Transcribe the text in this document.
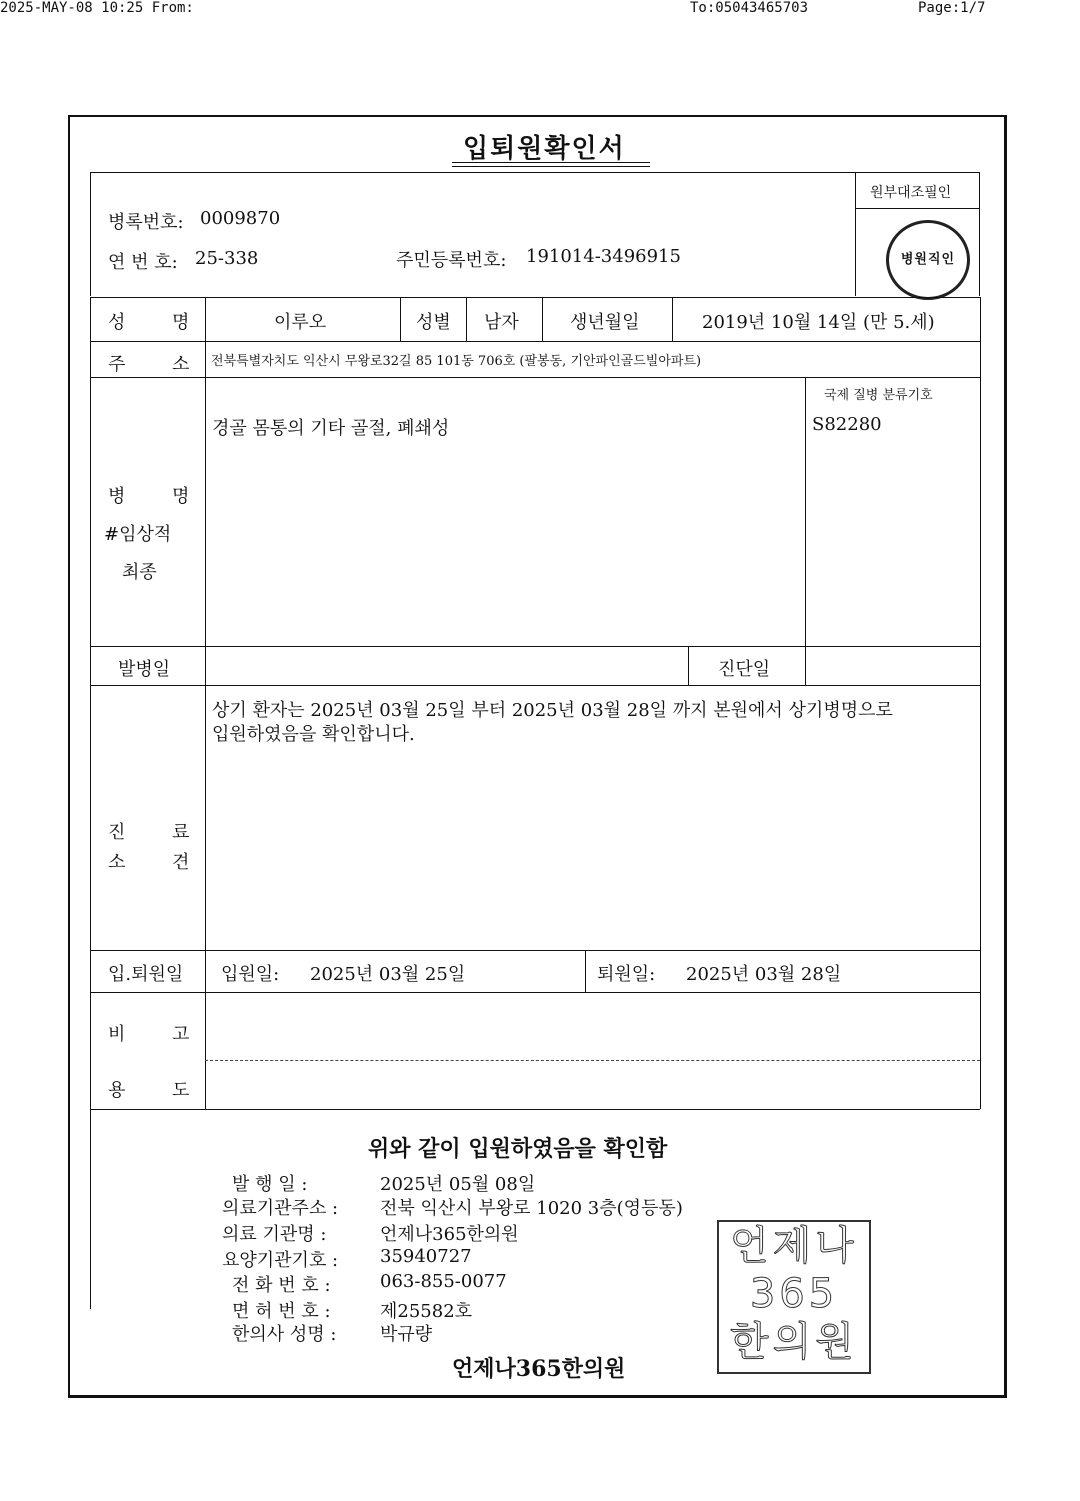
2025-MAY-08 10:25 From:	To:05043465703	Page:1/7
입퇴원확인서
원부대조필인
병원직인
병록번호: 0009870
연 번 호: 25-338	주민등록번호: 191014-3496915
성	명	이루오	성별 남자	생년월일	2019년 10월 14일 (만 5.세)
주	소 전북특별자치도 익산시 무왕로32길 85 101동 706호 (팔봉동, 기안파인골드빌아파트)
국제 질병 분류기호
경골 몸통의 기타 골절, 폐쇄성	S82280
병	명
#임상적
최종
발병일	진단일
상기 환자는 2025년 03월 25일 부터 2025년 03월 28일 까지 본원에서 상기병명으로
입원하였음을 확인합니다.
진	료
소	견
입.퇴원일 입원일: 2025년 03월 25일	퇴원일: 2025년 03월 28일
비	고
용	도
위와 같이 입원하였음을 확인함
발 행 일 :	2025년 05월 08일
의료기관주소 : 전북 익산시 부왕로 1020 3층(영등동)
의료 기관명 :	언제나365한의원
요양기관기호 : 35940727
전 화 번 호 :	063-855-0077
면 허 번 호 :	제25582호
한의사 성명 : 박규량
언제나365한의원
언제나
365
한의원
